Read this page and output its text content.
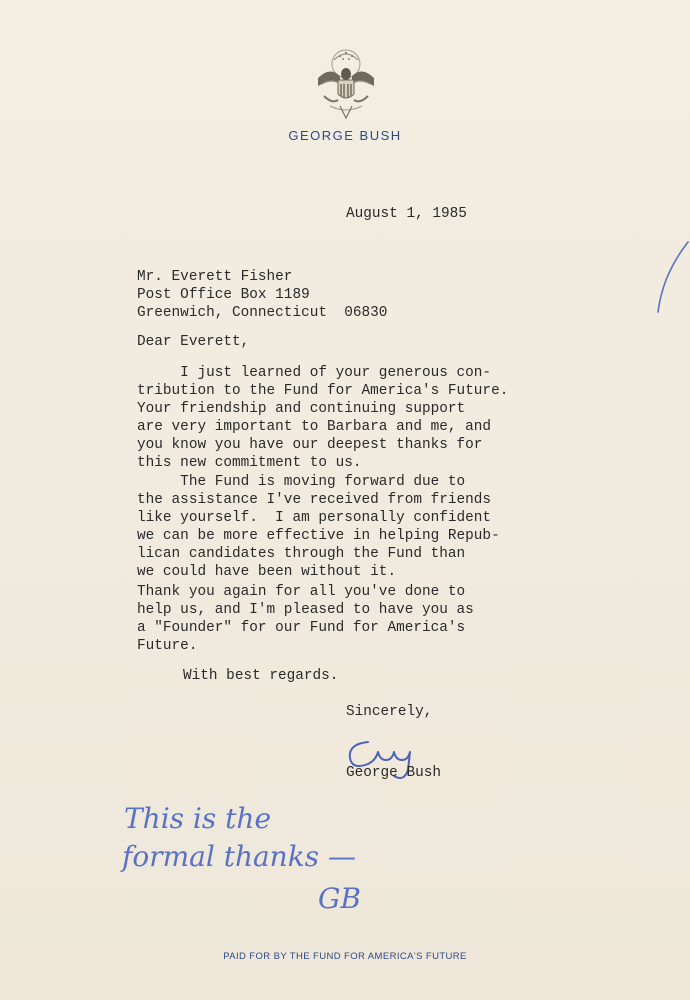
GEORGE BUSH
August 1, 1985
Mr. Everett Fisher
Post Office Box 1189
Greenwich, Connecticut  06830
Dear Everett,
I just learned of your generous con-
tribution to the Fund for America's Future.
Your friendship and continuing support
are very important to Barbara and me, and
you know you have our deepest thanks for
this new commitment to us.
The Fund is moving forward due to
the assistance I've received from friends
like yourself.  I am personally confident
we can be more effective in helping Repub-
lican candidates through the Fund than
we could have been without it.
Thank you again for all you've done to
help us, and I'm pleased to have you as
a "Founder" for our Fund for America's
Future.
With best regards.
Sincerely,
George Bush
This is the
formal thanks —
GB
PAID FOR BY THE FUND FOR AMERICA'S FUTURE
